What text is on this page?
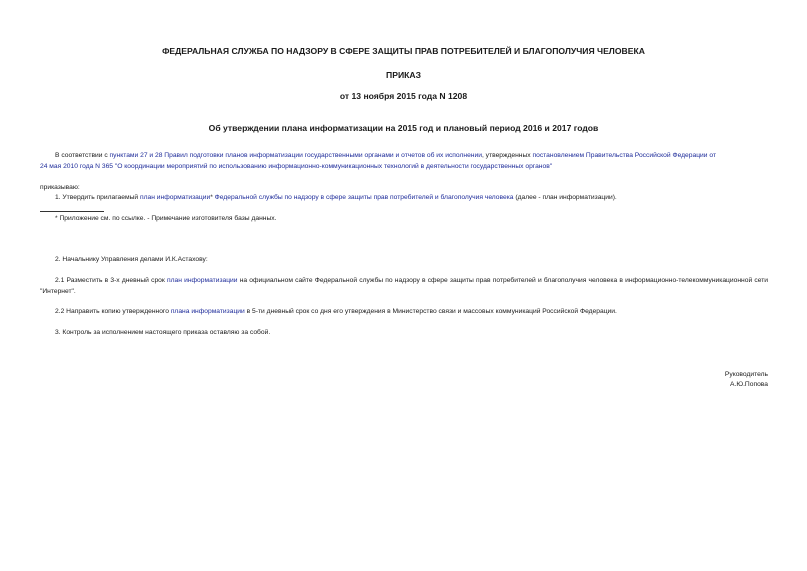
ФЕДЕРАЛЬНАЯ СЛУЖБА ПО НАДЗОРУ В СФЕРЕ ЗАЩИТЫ ПРАВ ПОТРЕБИТЕЛЕЙ И БЛАГОПОЛУЧИЯ ЧЕЛОВЕКА
ПРИКАЗ
от 13 ноября 2015 года N 1208
Об утверждении плана информатизации на 2015 год и плановый период 2016 и 2017 годов
В соответствии с пунктами 27 и 28 Правил подготовки планов информатизации государственными органами и отчетов об их исполнении, утвержденных постановлением Правительства Российской Федерации от
24 мая 2010 года N 365 "О координации мероприятий по использованию информационно-коммуникационных технологий в деятельности государственных органов"
приказываю:
1. Утвердить прилагаемый план информатизации* Федеральной службы по надзору в сфере защиты прав потребителей и благополучия человека (далее - план информатизации).
* Приложение см. по ссылке. - Примечание изготовителя базы данных.
2. Начальнику Управления делами И.К.Астахову:
2.1 Разместить в 3-х дневный срок план информатизации на официальном сайте Федеральной службы по надзору в сфере защиты прав потребителей и благополучия человека в информационно-телекоммуникационной сети "Интернет".
2.2 Направить копию утвержденного плана информатизации в 5-ти дневный срок со дня его утверждения в Министерство связи и массовых коммуникаций Российской Федерации.
3. Контроль за исполнением настоящего приказа оставляю за собой.
Руководитель
А.Ю.Попова
